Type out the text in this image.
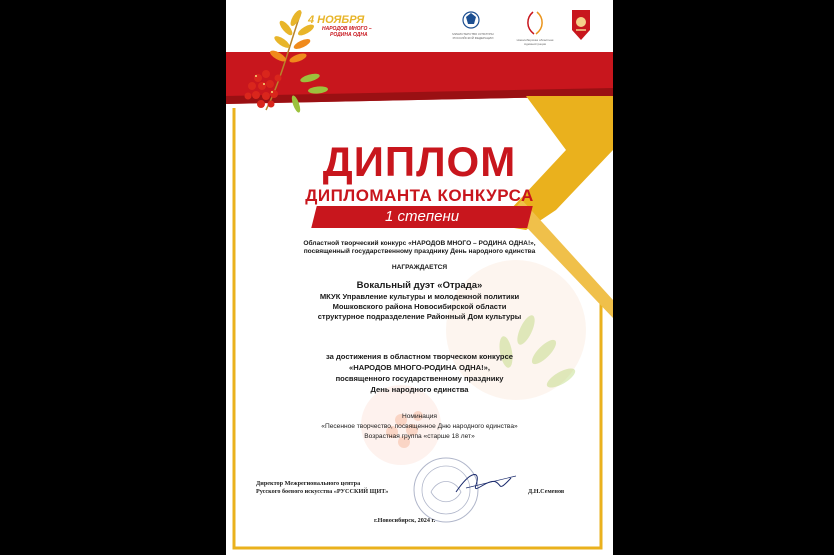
4 НОЯБРЯ
НАРОДОВ МНОГО –
РОДИНА ОДНА	МИНИСТЕРСТВО КУЛЬТУРЫ РОССИЙСКОЙ ФЕДЕРАЦИИ	Новосибирская областная Администрация
ДИПЛОМ
ДИПЛОМАНТА КОНКУРСА
1 степени
Областной творческий конкурс «НАРОДОВ МНОГО – РОДИНА ОДНА!»,
посвященный государственному празднику День народного единства
НАГРАЖДАЕТСЯ
Вокальный дуэт «Отрада»
МКУК Управление культуры и молодежной политики
Мошковского района Новосибирской области
структурное подразделение Районный Дом культуры
за достижения в областном творческом конкурсе
«НАРОДОВ МНОГО-РОДИНА ОДНА!»,
посвященного государственному празднику
День народного единства
Номинация
«Песенное творчество, посвященное Дню народного единства»
Возрастная группа «старше 18 лет»
Директор Межрегионального центра
Русского боевого искусства «РУССКИЙ ЩИТ»	Д.Н.Семенов
г.Новосибирск, 2024 г.
